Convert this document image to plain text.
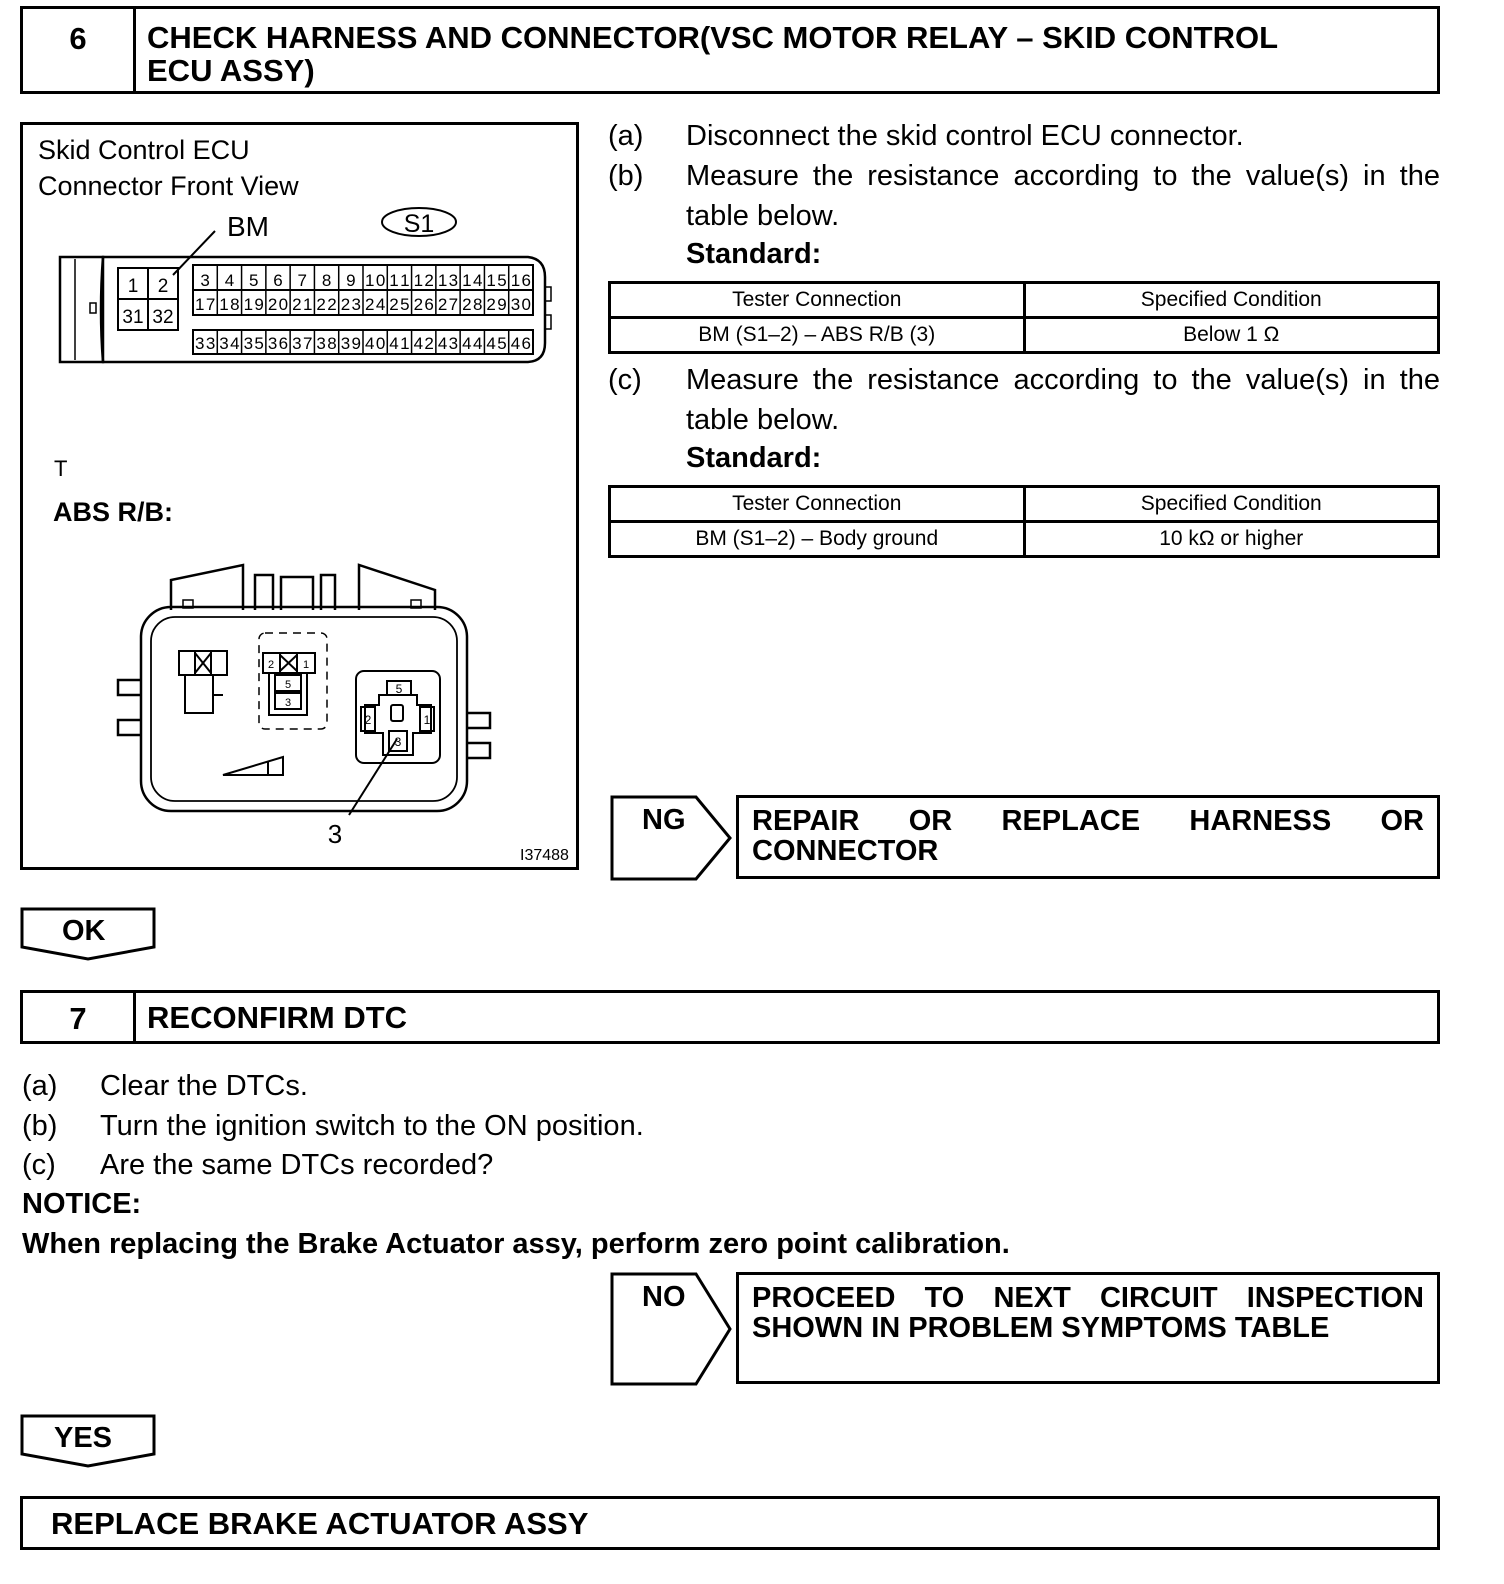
6	CHECK HARNESS AND CONNECTOR(VSC MOTOR RELAY – SKID CONTROL
ECU ASSY)
Skid Control ECU
Connector Front View
BM
T
ABS R/B:
I37488
S1
1 2
31 32
3 4 5 6 7 8 9 10 11 12 13 14 15 16
17 18 19 20 21 22 23 24 25 26 27 28 29 30
33 34 35 36 37 38 39 40 41 42 43 44 45 46
2	1
5
3
5
2	1
3
3
(a) Disconnect the skid control ECU connector.
(b) Measure the resistance according to the value(s) in the
table below.
Standard:
Tester Connection	Specified Condition
BM (S1–2) – ABS R/B (3)	Below 1 Ω
(c) Measure the resistance according to the value(s) in the
table below.
Standard:
Tester Connection	Specified Condition
BM (S1–2) – Body ground	10 kΩ or higher
NG REPAIR OR REPLACE HARNESS OR
CONNECTOR
OK
7	RECONFIRM DTC
(a) Clear the DTCs.
(b) Turn the ignition switch to the ON position.
(c) Are the same DTCs recorded?
NOTICE:
When replacing the Brake Actuator assy, perform zero point calibration.
NO PROCEED TO NEXT CIRCUIT INSPECTION
SHOWN IN PROBLEM SYMPTOMS TABLE
YES
REPLACE BRAKE ACTUATOR ASSY
